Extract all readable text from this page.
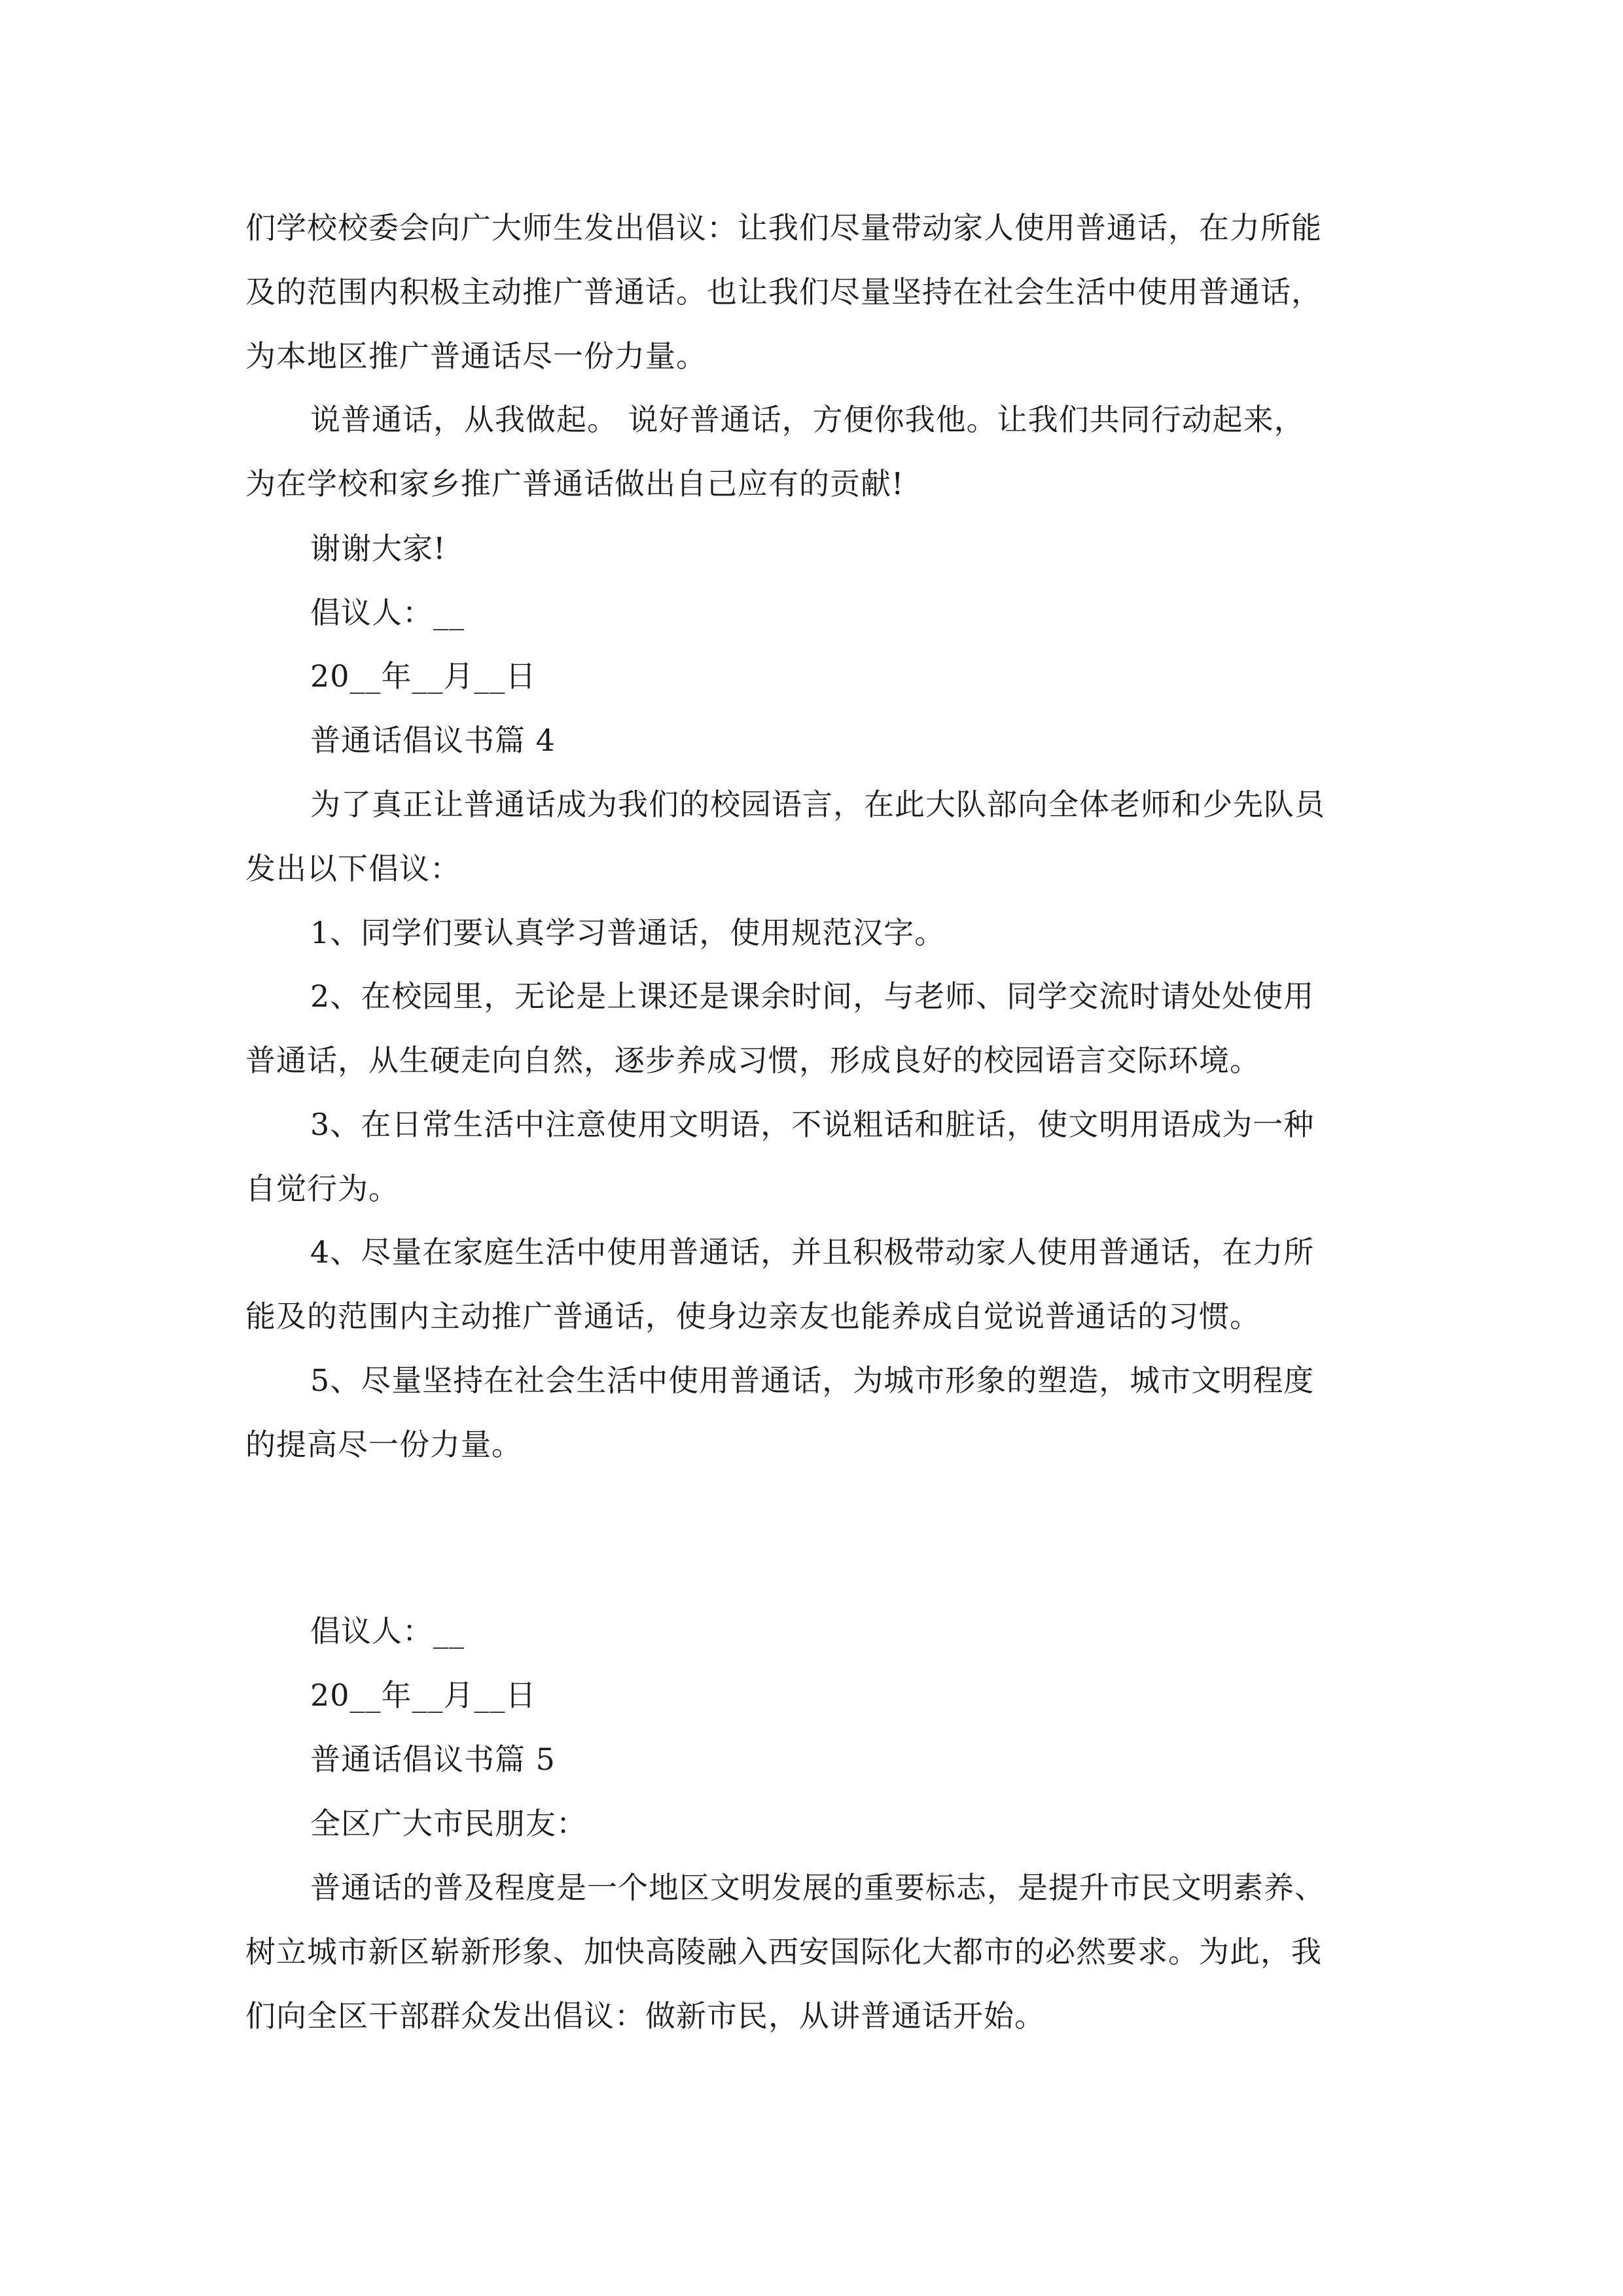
们学校校委会向广大师生发出倡议：让我们尽量带动家人使用普通话，在力所能
及的范围内积极主动推广普通话。也让我们尽量坚持在社会生活中使用普通话，
为本地区推广普通话尽一份力量。
说普通话，从我做起。 说好普通话，方便你我他。让我们共同行动起来，
为在学校和家乡推广普通话做出自己应有的贡献!
谢谢大家!
倡议人：__
20__年__月__日
普通话倡议书篇 4
为了真正让普通话成为我们的校园语言，在此大队部向全体老师和少先队员
发出以下倡议：
1、同学们要认真学习普通话，使用规范汉字。
2、在校园里，无论是上课还是课余时间，与老师、同学交流时请处处使用
普通话，从生硬走向自然，逐步养成习惯，形成良好的校园语言交际环境。
3、在日常生活中注意使用文明语，不说粗话和脏话，使文明用语成为一种
自觉行为。
4、尽量在家庭生活中使用普通话，并且积极带动家人使用普通话，在力所
能及的范围内主动推广普通话，使身边亲友也能养成自觉说普通话的习惯。
5、尽量坚持在社会生活中使用普通话，为城市形象的塑造，城市文明程度
的提高尽一份力量。
倡议人：__
20__年__月__日
普通话倡议书篇 5
全区广大市民朋友：
普通话的普及程度是一个地区文明发展的重要标志，是提升市民文明素养、
树立城市新区崭新形象、加快高陵融入西安国际化大都市的必然要求。为此，我
们向全区干部群众发出倡议：做新市民，从讲普通话开始。
